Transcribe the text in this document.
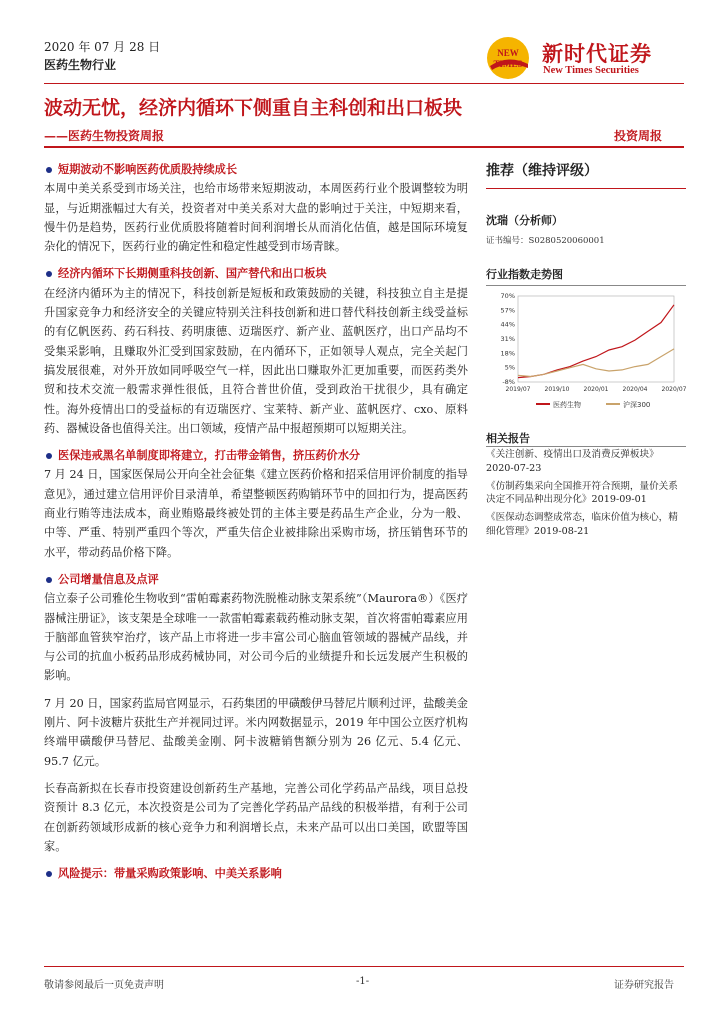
2020 年 07 月 28 日
医药生物行业
NEW
TIMES 新时代证券
New Times Securities
波动无忧，经济内循环下侧重自主科创和出口板块
——医药生物投资周报	投资周报
短期波动不影响医药优质股持续成长

本周中美关系受到市场关注，也给市场带来短期波动，本周医药行业个股调整较为明显，与近期涨幅过大有关，投资者对中美关系对大盘的影响过于关注，中短期来看，慢牛仍是趋势，医药行业优质股将随着时间利润增长从而消化估值，越是国际环境复杂化的情况下，医药行业的确定性和稳定性越受到市场青睐。

经济内循环下长期侧重科技创新、国产替代和出口板块

在经济内循环为主的情况下，科技创新是短板和政策鼓励的关键，科技独立自主是提升国家竞争力和经济安全的关键应特别关注科技创新和进口替代科技创新主线受益标的有亿帆医药、药石科技、药明康德、迈瑞医疗、新产业、蓝帆医疗，出口产品均不受集采影响，且赚取外汇受到国家鼓励，在内循环下，正如领导人观点，完全关起门搞发展很难，对外开放如同呼吸空气一样，因此出口赚取外汇更加重要，而医药类外贸和技术交流一般需求弹性很低，且符合普世价值，受到政治干扰很少，具有确定性。海外疫情出口的受益标的有迈瑞医疗、宝莱特、新产业、蓝帆医疗、cxo、原料药、器械设备也值得关注。出口领域，疫情产品中报超预期可以短期关注。

医保违戒黑名单制度即将建立，打击带金销售，挤压药价水分

7 月 24 日，国家医保局公开向全社会征集《建立医药价格和招采信用评价制度的指导意见》，通过建立信用评价目录清单，希望整顿医药购销环节中的回扣行为，提高医药商业行贿等违法成本，商业贿赂最终被处罚的主体主要是药品生产企业，分为一般、中等、严重、特别严重四个等次，严重失信企业被排除出采购市场，挤压销售环节的水平，带动药品价格下降。

公司增量信息及点评

信立泰子公司雅伦生物收到“雷帕霉素药物洗脱椎动脉支架系统”（Maurora®）《医疗器械注册证》，该支架是全球唯一一款雷帕霉素载药椎动脉支架，首次将雷帕霉素应用于脑部血管狭窄治疗，该产品上市将进一步丰富公司心脑血管领域的器械产品线，并与公司的抗血小板药品形成药械协同，对公司今后的业绩提升和长远发展产生积极的影响。

7 月 20 日，国家药监局官网显示，石药集团的甲磺酸伊马替尼片顺利过评，盐酸美金刚片、阿卡波糖片获批生产并视同过评。米内网数据显示，2019 年中国公立医疗机构终端甲磺酸伊马替尼、盐酸美金刚、阿卡波糖销售额分别为 26 亿元、5.4 亿元、95.7 亿元。

长春高新拟在长春市投资建设创新药生产基地，完善公司化学药品产品线，项目总投资预计 8.3 亿元，本次投资是公司为了完善化学药品产品线的积极举措，有利于公司在创新药领域形成新的核心竞争力和利润增长点，未来产品可以出口美国，欧盟等国家。

风险提示：带量采购政策影响、中美关系影响
推荐（维持评级）
沈瑞（分析师）
证书编号：S0280520060001
行业指数走势图
70%
57%
44%
31%
18%
5%
-8%
2019/07 2019/10 2020/01 2020/04 2020/07
医药生物	沪深300
相关报告
《关注创新、疫情出口及消费反弹板块》2020-07-23
《仿制药集采向全国推开符合预期，量价关系决定不同品种出现分化》2019-09-01
《医保动态调整成常态，临床价值为核心，精细化管理》2019-08-21
敬请参阅最后一页免责声明	-1-	证券研究报告
